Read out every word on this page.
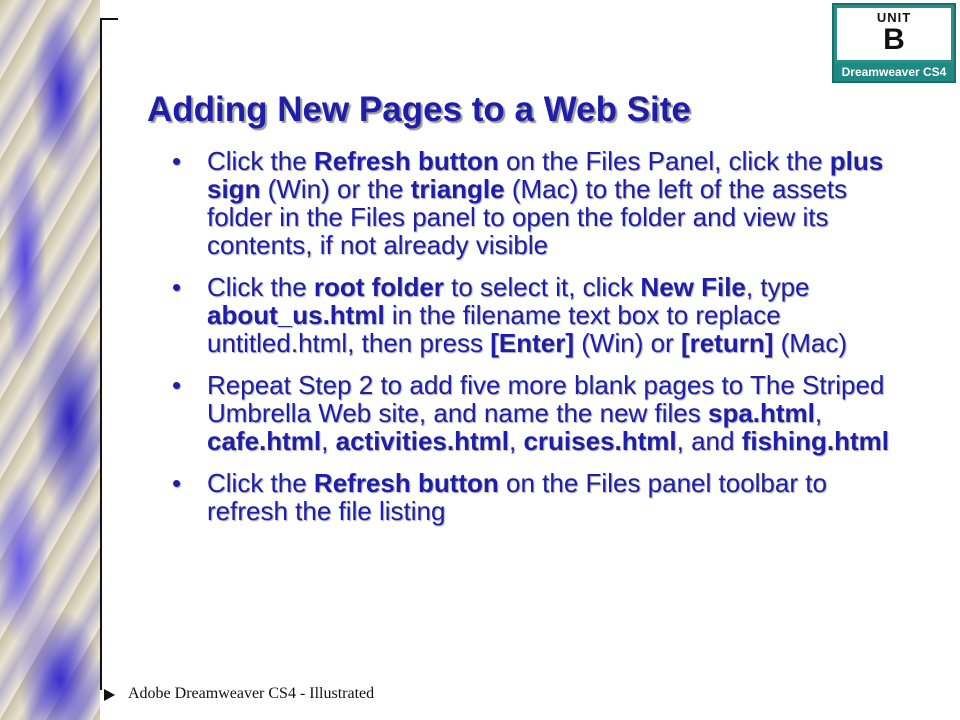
UNIT
B
Dreamweaver CS4
Adding New Pages to a Web Site
• Click the Refresh button on the Files Panel, click the plus sign (Win) or the triangle (Mac) to the left of the assets folder in the Files panel to open the folder and view its contents, if not already visible
• Click the root folder to select it, click New File, type about_us.html in the filename text box to replace untitled.html, then press [Enter] (Win) or [return] (Mac)
• Repeat Step 2 to add five more blank pages to The Striped Umbrella Web site, and name the new files spa.html, cafe.html, activities.html, cruises.html, and fishing.html
• Click the Refresh button on the Files panel toolbar to refresh the file listing
Adobe Dreamweaver CS4 - Illustrated
